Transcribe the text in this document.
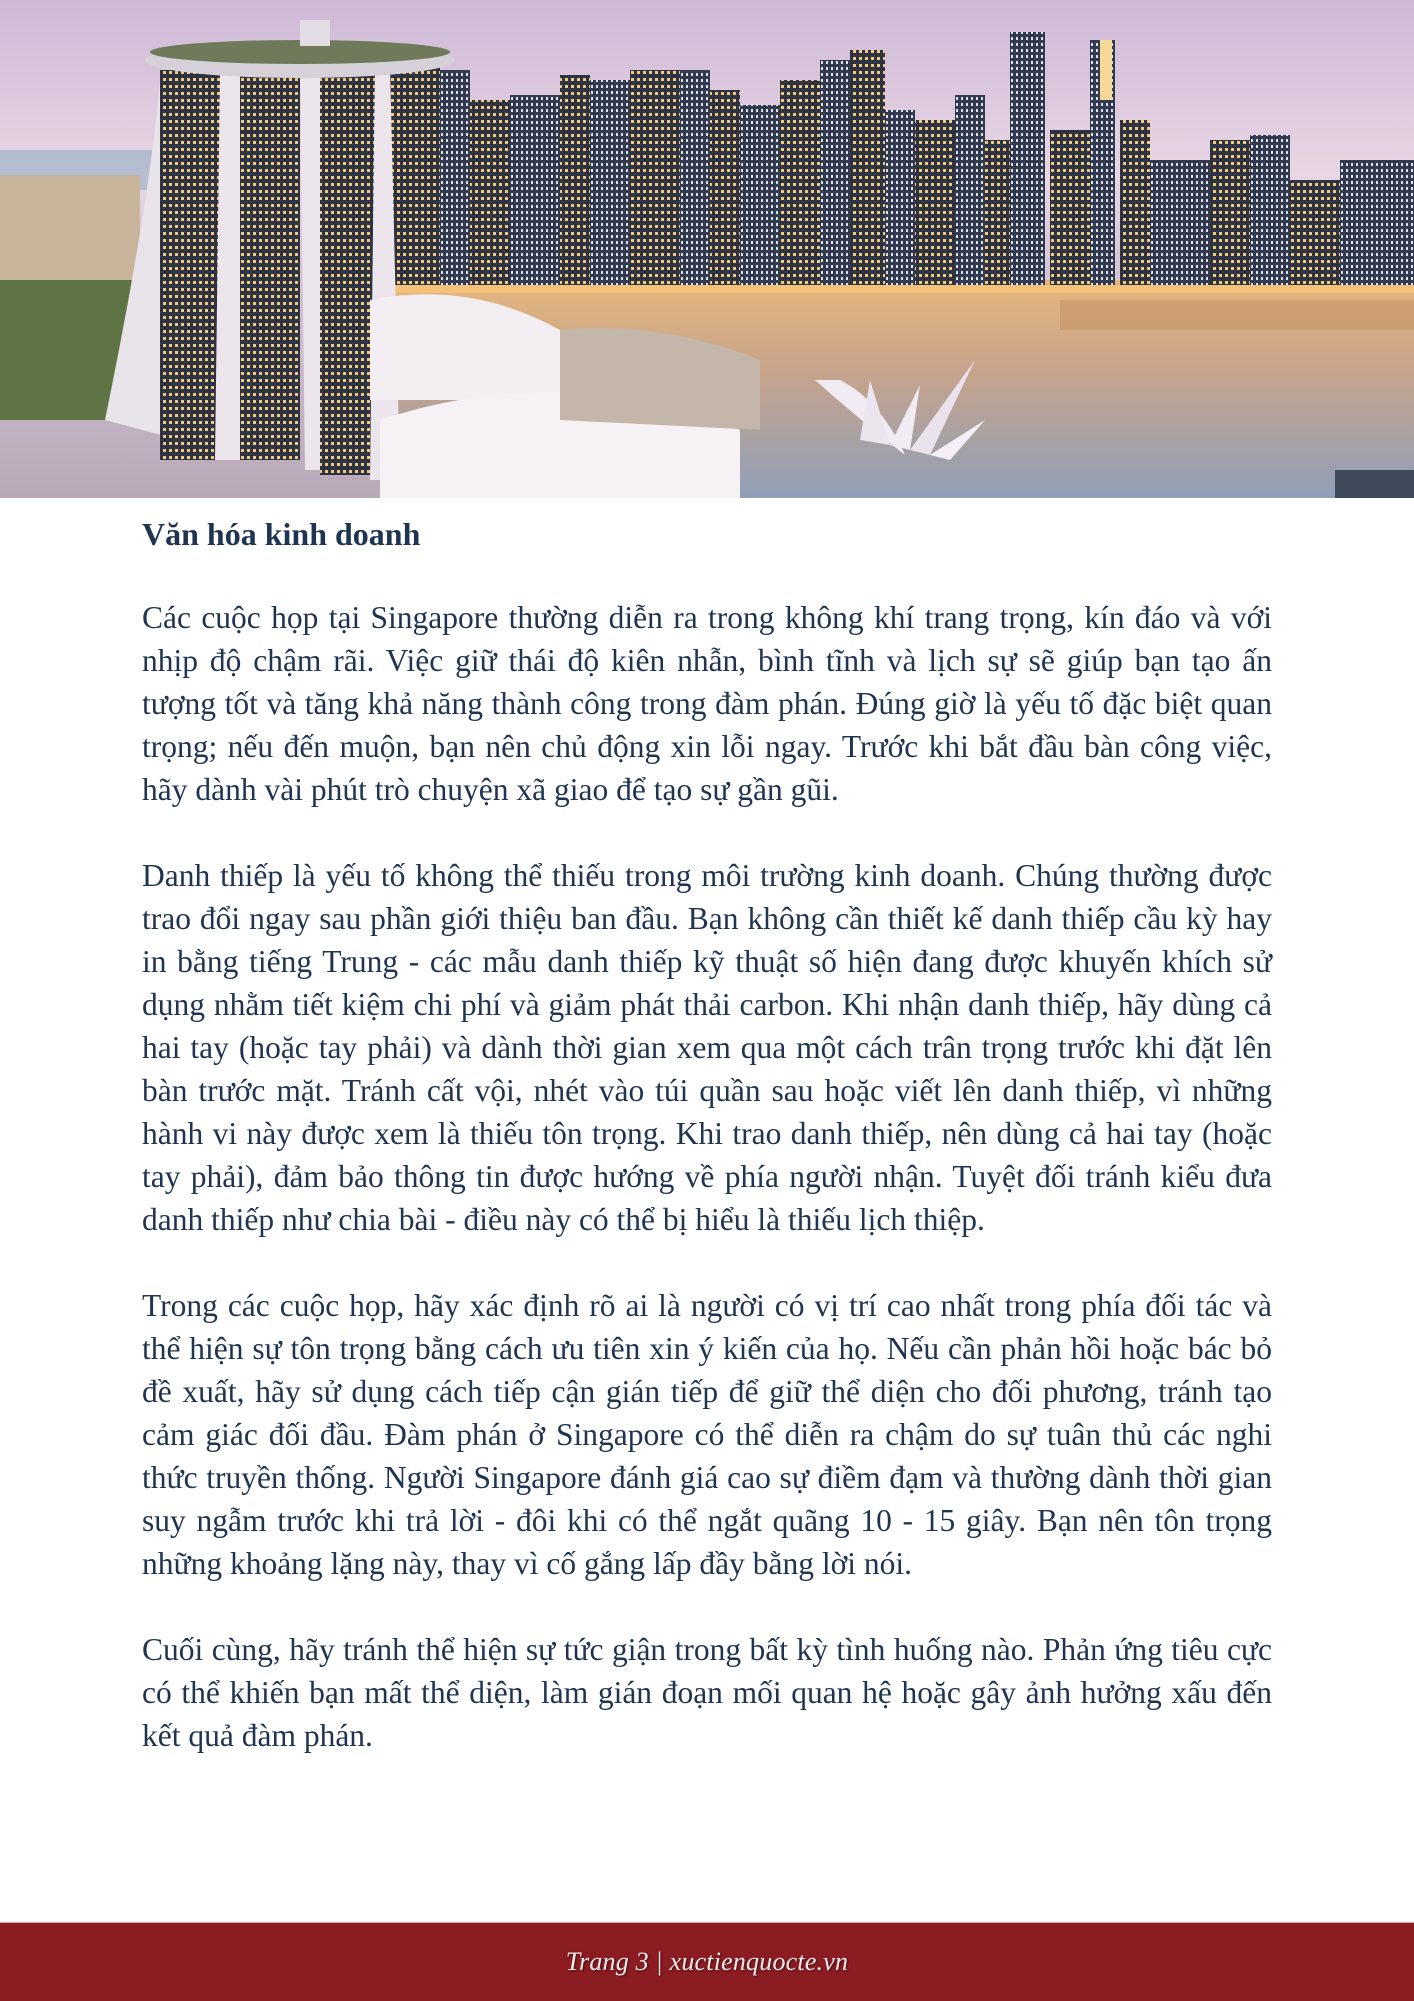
Văn hóa kinh doanh

Các cuộc họp tại Singapore thường diễn ra trong không khí trang trọng, kín đáo và với nhịp độ chậm rãi. Việc giữ thái độ kiên nhẫn, bình tĩnh và lịch sự sẽ giúp bạn tạo ấn tượng tốt và tăng khả năng thành công trong đàm phán. Đúng giờ là yếu tố đặc biệt quan trọng; nếu đến muộn, bạn nên chủ động xin lỗi ngay. Trước khi bắt đầu bàn công việc, hãy dành vài phút trò chuyện xã giao để tạo sự gần gũi.

Danh thiếp là yếu tố không thể thiếu trong môi trường kinh doanh. Chúng thường được trao đổi ngay sau phần giới thiệu ban đầu. Bạn không cần thiết kế danh thiếp cầu kỳ hay in bằng tiếng Trung - các mẫu danh thiếp kỹ thuật số hiện đang được khuyến khích sử dụng nhằm tiết kiệm chi phí và giảm phát thải carbon. Khi nhận danh thiếp, hãy dùng cả hai tay (hoặc tay phải) và dành thời gian xem qua một cách trân trọng trước khi đặt lên bàn trước mặt. Tránh cất vội, nhét vào túi quần sau hoặc viết lên danh thiếp, vì những hành vi này được xem là thiếu tôn trọng. Khi trao danh thiếp, nên dùng cả hai tay (hoặc tay phải), đảm bảo thông tin được hướng về phía người nhận. Tuyệt đối tránh kiểu đưa danh thiếp như chia bài - điều này có thể bị hiểu là thiếu lịch thiệp.

Trong các cuộc họp, hãy xác định rõ ai là người có vị trí cao nhất trong phía đối tác và thể hiện sự tôn trọng bằng cách ưu tiên xin ý kiến của họ. Nếu cần phản hồi hoặc bác bỏ đề xuất, hãy sử dụng cách tiếp cận gián tiếp để giữ thể diện cho đối phương, tránh tạo cảm giác đối đầu. Đàm phán ở Singapore có thể diễn ra chậm do sự tuân thủ các nghi thức truyền thống. Người Singapore đánh giá cao sự điềm đạm và thường dành thời gian suy ngẫm trước khi trả lời - đôi khi có thể ngắt quãng 10 - 15 giây. Bạn nên tôn trọng những khoảng lặng này, thay vì cố gắng lấp đầy bằng lời nói.

Cuối cùng, hãy tránh thể hiện sự tức giận trong bất kỳ tình huống nào. Phản ứng tiêu cực có thể khiến bạn mất thể diện, làm gián đoạn mối quan hệ hoặc gây ảnh hưởng xấu đến kết quả đàm phán.

Trang 3 | xuctienquocte.vn
